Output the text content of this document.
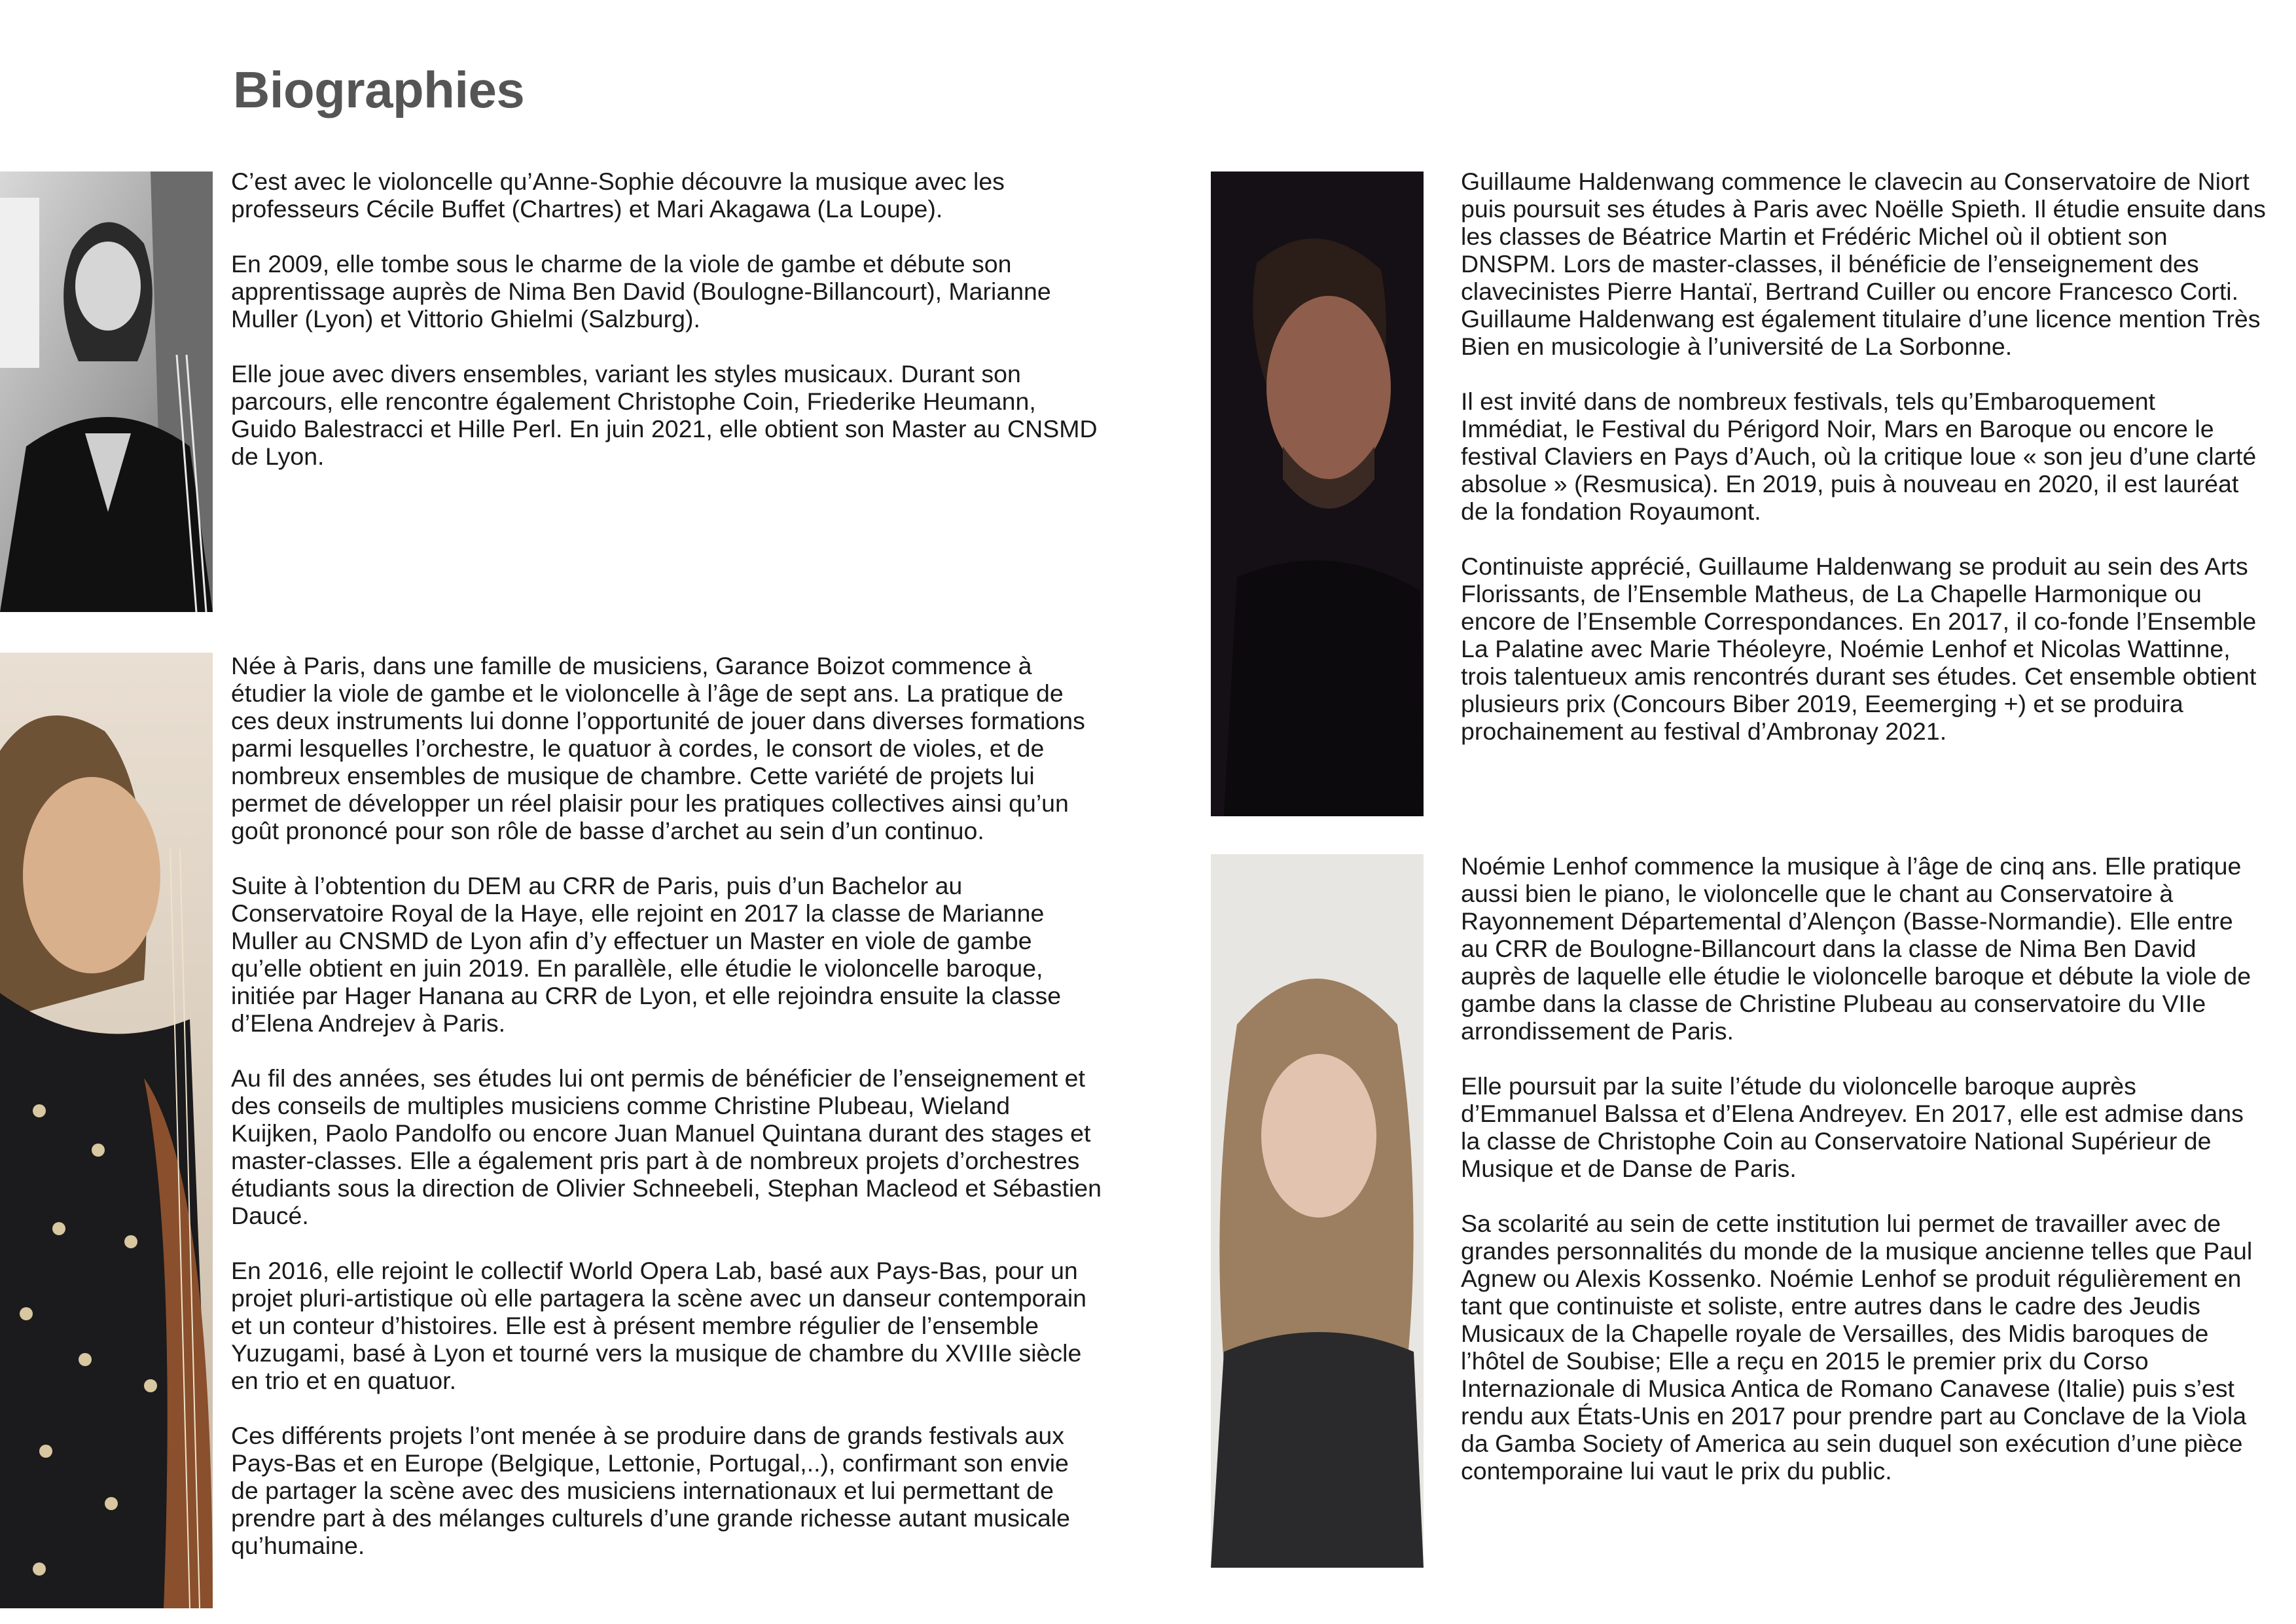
Biographies

C’est avec le violoncelle qu’Anne-Sophie découvre la musique avec les professeurs Cécile Buffet (Chartres) et Mari Akagawa (La Loupe).

En 2009, elle tombe sous le charme de la viole de gambe et débute son apprentissage auprès de Nima Ben David (Boulogne-Billancourt), Marianne Muller (Lyon) et Vittorio Ghielmi (Salzburg).

Elle joue avec divers ensembles, variant les styles musicaux. Durant son parcours, elle rencontre également Christophe Coin, Friederike Heumann, Guido Balestracci et Hille Perl. En juin 2021, elle obtient son Master au CNSMD de Lyon.

Née à Paris, dans une famille de musiciens, Garance Boizot commence à étudier la viole de gambe et le violoncelle à l’âge de sept ans. La pratique de ces deux instruments lui donne l’opportunité de jouer dans diverses formations parmi lesquelles l’orchestre, le quatuor à cordes, le consort de violes, et de nombreux ensembles de musique de chambre. Cette variété de projets lui permet de développer un réel plaisir pour les pratiques collectives ainsi qu’un goût prononcé pour son rôle de basse d’archet au sein d’un continuo.

Suite à l’obtention du DEM au CRR de Paris, puis d’un Bachelor au Conservatoire Royal de la Haye, elle rejoint en 2017 la classe de Marianne Muller au CNSMD de Lyon afin d’y effectuer un Master en viole de gambe qu’elle obtient en juin 2019. En parallèle, elle étudie le violoncelle baroque, initiée par Hager Hanana au CRR de Lyon, et elle rejoindra ensuite la classe d’Elena Andrejev à Paris.

Au fil des années, ses études lui ont permis de bénéficier de l’enseignement et des conseils de multiples musiciens comme Christine Plubeau, Wieland Kuijken, Paolo Pandolfo ou encore Juan Manuel Quintana durant des stages et master-classes. Elle a également pris part à de nombreux projets d’orchestres étudiants sous la direction de Olivier Schneebeli, Stephan Macleod et Sébastien Daucé.

En 2016, elle rejoint le collectif World Opera Lab, basé aux Pays-Bas, pour un projet pluri-artistique où elle partagera la scène avec un danseur contemporain et un conteur d’histoires. Elle est à présent membre régulier de l’ensemble Yuzugami, basé à Lyon et tourné vers la musique de chambre du XVIIIe siècle en trio et en quatuor.

Ces différents projets l’ont menée à se produire dans de grands festivals aux Pays-Bas et en Europe (Belgique, Lettonie, Portugal,..), confirmant son envie de partager la scène avec des musiciens internationaux et lui permettant de prendre part à des mélanges culturels d’une grande richesse autant musicale qu’humaine.

Guillaume Haldenwang commence le clavecin au Conservatoire de Niort puis poursuit ses études à Paris avec Noëlle Spieth. Il étudie ensuite dans les classes de Béatrice Martin et Frédéric Michel où il obtient son DNSPM. Lors de master-classes, il bénéficie de l’enseignement des clavecinistes Pierre Hantaï, Bertrand Cuiller ou encore Francesco Corti. Guillaume Haldenwang est également titulaire d’une licence mention Très Bien en musicologie à l’université de La Sorbonne.

Il est invité dans de nombreux festivals, tels qu’Embaroquement Immédiat, le Festival du Périgord Noir, Mars en Baroque ou encore le festival Claviers en Pays d’Auch, où la critique loue « son jeu d’une clarté absolue » (Resmusica). En 2019, puis à nouveau en 2020, il est lauréat de la fondation Royaumont.

Continuiste apprécié, Guillaume Haldenwang se produit au sein des Arts Florissants, de l’Ensemble Matheus, de La Chapelle Harmonique ou encore de l’Ensemble Correspondances. En 2017, il co-fonde l’Ensemble La Palatine avec Marie Théoleyre, Noémie Lenhof et Nicolas Wattinne, trois talentueux amis rencontrés durant ses études. Cet ensemble obtient plusieurs prix (Concours Biber 2019, Eeemerging +) et se produira prochainement au festival d’Ambronay 2021.

Noémie Lenhof commence la musique à l’âge de cinq ans. Elle pratique aussi bien le piano, le violoncelle que le chant au Conservatoire à Rayonnement Départemental d’Alençon (Basse-Normandie). Elle entre au CRR de Boulogne-Billancourt dans la classe de Nima Ben David auprès de laquelle elle étudie le violoncelle baroque et débute la viole de gambe dans la classe de Christine Plubeau au conservatoire du VIIe arrondissement de Paris.

Elle poursuit par la suite l’étude du violoncelle baroque auprès d’Emmanuel Balssa et d’Elena Andreyev. En 2017, elle est admise dans la classe de Christophe Coin au Conservatoire National Supérieur de Musique et de Danse de Paris.

Sa scolarité au sein de cette institution lui permet de travailler avec de grandes personnalités du monde de la musique ancienne telles que Paul Agnew ou Alexis Kossenko. Noémie Lenhof se produit régulièrement en tant que continuiste et soliste, entre autres dans le cadre des Jeudis Musicaux de la Chapelle royale de Versailles, des Midis baroques de l’hôtel de Soubise; Elle a reçu en 2015 le premier prix du Corso Internazionale di Musica Antica de Romano Canavese (Italie) puis s’est rendu aux États-Unis en 2017 pour prendre part au Conclave de la Viola da Gamba Society of America au sein duquel son exécution d’une pièce contemporaine lui vaut le prix du public.
